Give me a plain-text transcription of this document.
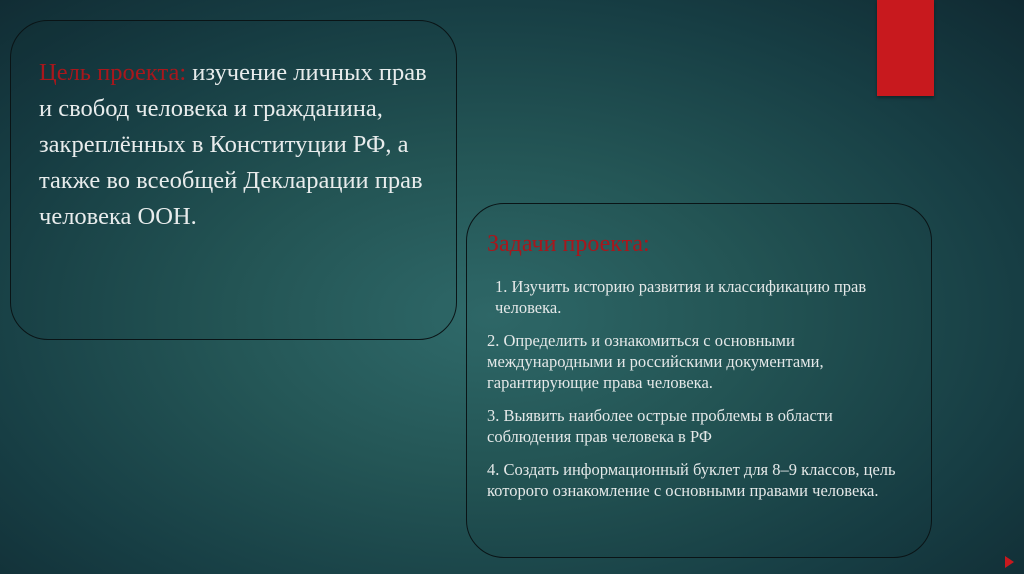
Цель проекта: изучение личных прав и свобод человека и гражданина, закреплённых в Конституции РФ, а также во всеобщей Декларации прав человека ООН.
Задачи проекта:
1. Изучить историю развития и классификацию прав человека.
2. Определить и ознакомиться с основными международными и российскими документами, гарантирующие права человека.
3. Выявить наиболее острые проблемы в области соблюдения прав человека в РФ
4. Создать информационный буклет для 8–9 классов, цель которого ознакомление с основными правами человека.
